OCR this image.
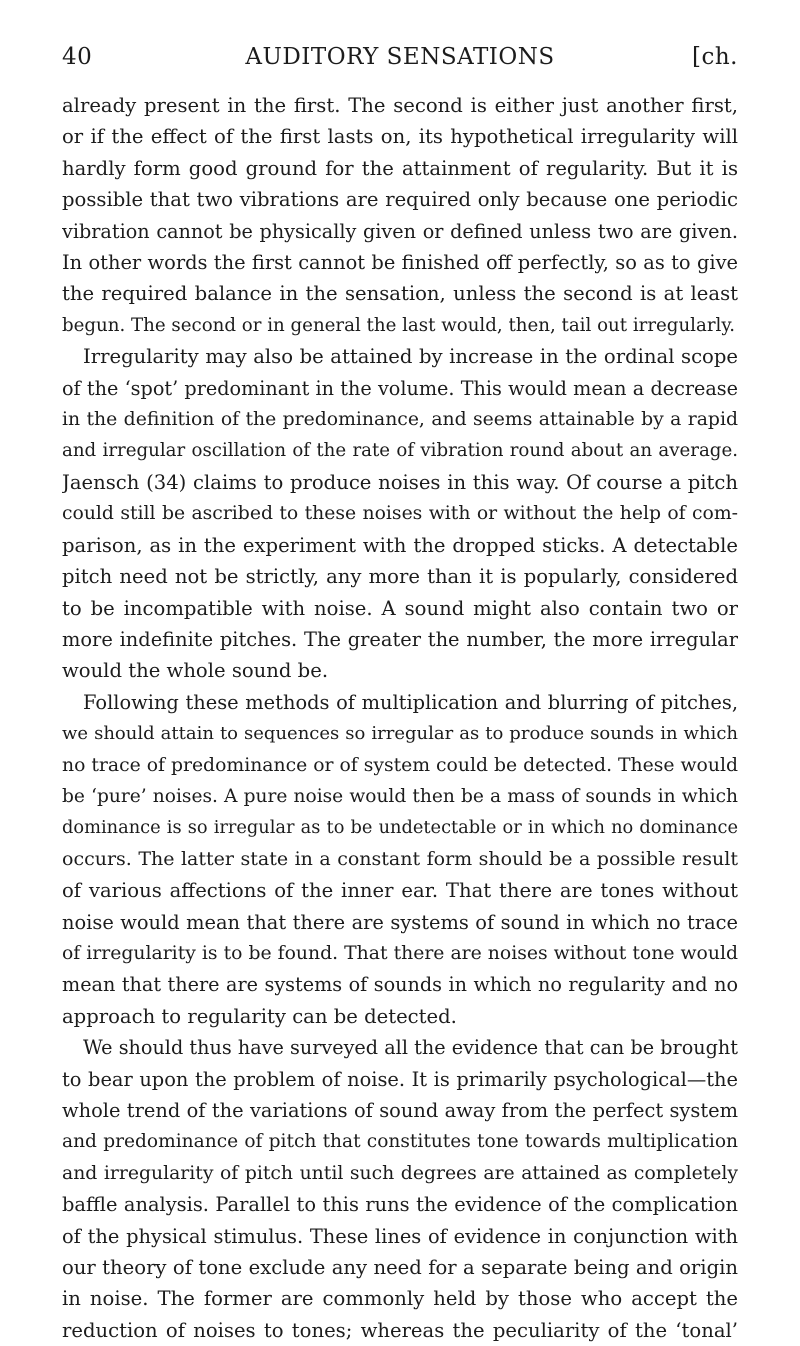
40	AUDITORY SENSATIONS	[ch.
already present in the first. The second is either just another first,
or if the effect of the first lasts on, its hypothetical irregularity will
hardly form good ground for the attainment of regularity. But it is
possible that two vibrations are required only because one periodic
vibration cannot be physically given or defined unless two are given.
In other words the first cannot be finished off perfectly, so as to give
the required balance in the sensation, unless the second is at least
begun. The second or in general the last would, then, tail out irregularly.
Irregularity may also be attained by increase in the ordinal scope
of the ‘spot’ predominant in the volume. This would mean a decrease
in the definition of the predominance, and seems attainable by a rapid
and irregular oscillation of the rate of vibration round about an average.
Jaensch (34) claims to produce noises in this way. Of course a pitch
could still be ascribed to these noises with or without the help of com-
parison, as in the experiment with the dropped sticks. A detectable
pitch need not be strictly, any more than it is popularly, considered
to be incompatible with noise. A sound might also contain two or
more indefinite pitches. The greater the number, the more irregular
would the whole sound be.
Following these methods of multiplication and blurring of pitches,
we should attain to sequences so irregular as to produce sounds in which
no trace of predominance or of system could be detected. These would
be ‘pure’ noises. A pure noise would then be a mass of sounds in which
dominance is so irregular as to be undetectable or in which no dominance
occurs. The latter state in a constant form should be a possible result
of various affections of the inner ear. That there are tones without
noise would mean that there are systems of sound in which no trace
of irregularity is to be found. That there are noises without tone would
mean that there are systems of sounds in which no regularity and no
approach to regularity can be detected.
We should thus have surveyed all the evidence that can be brought
to bear upon the problem of noise. It is primarily psychological—the
whole trend of the variations of sound away from the perfect system
and predominance of pitch that constitutes tone towards multiplication
and irregularity of pitch until such degrees are attained as completely
baffle analysis. Parallel to this runs the evidence of the complication
of the physical stimulus. These lines of evidence in conjunction with
our theory of tone exclude any need for a separate being and origin
in noise. The former are commonly held by those who accept the
reduction of noises to tones; whereas the peculiarity of the ‘tonal’
